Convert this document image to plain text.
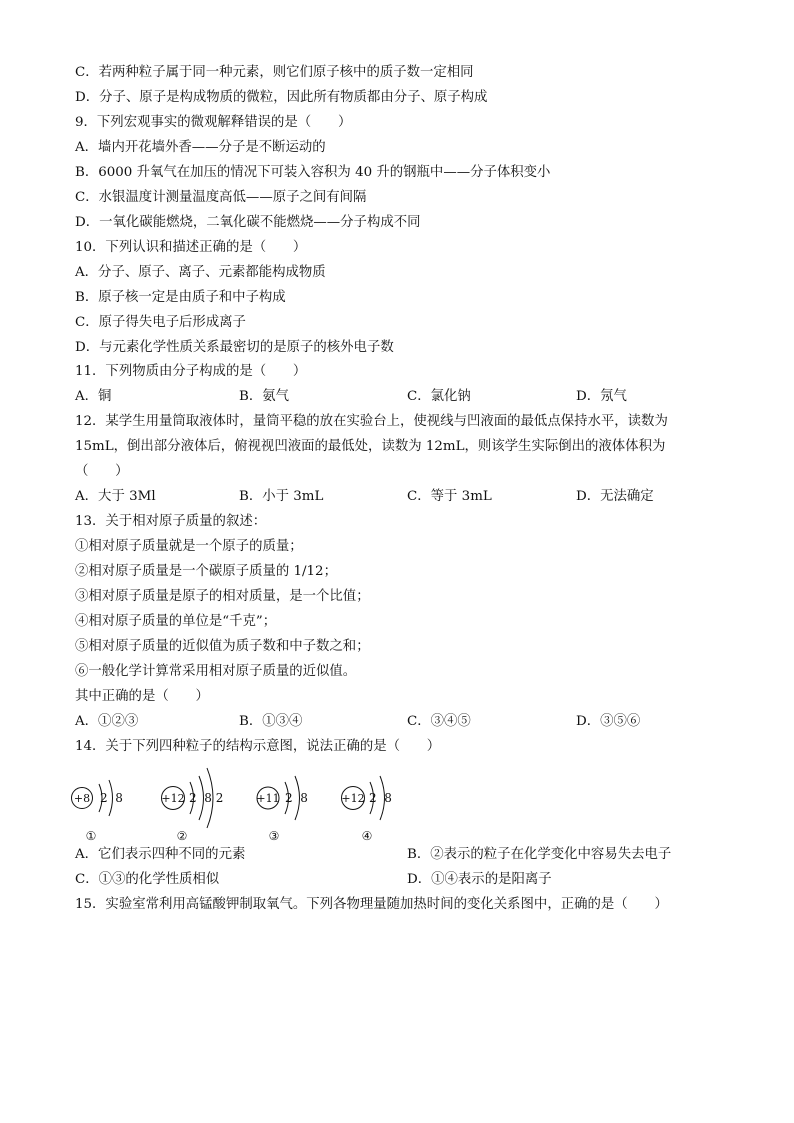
C．若两种粒子属于同一种元素，则它们原子核中的质子数一定相同
D．分子、原子是构成物质的微粒，因此所有物质都由分子、原子构成
9．下列宏观事实的微观解释错误的是（　　）
A．墙内开花墙外香——分子是不断运动的
B．6000 升氧气在加压的情况下可装入容积为 40 升的钢瓶中——分子体积变小
C．水银温度计测量温度高低——原子之间有间隔
D．一氧化碳能燃烧，二氧化碳不能燃烧——分子构成不同
10．下列认识和描述正确的是（　　）
A．分子、原子、离子、元素都能构成物质
B．原子核一定是由质子和中子构成
C．原子得失电子后形成离子
D．与元素化学性质关系最密切的是原子的核外电子数
11．下列物质由分子构成的是（　　）
A．铜	B．氨气	C．氯化钠	D．氖气
12．某学生用量筒取液体时，量筒平稳的放在实验台上，使视线与凹液面的最低点保持水平，读数为
15mL，倒出部分液体后，俯视视凹液面的最低处，读数为 12mL，则该学生实际倒出的液体体积为
（　　）
A．大于 3Ml	B．小于 3mL	C．等于 3mL	D．无法确定
13．关于相对原子质量的叙述：
①相对原子质量就是一个原子的质量；
②相对原子质量是一个碳原子质量的 1/12；
③相对原子质量是原子的相对质量，是一个比值；
④相对原子质量的单位是“千克”；
⑤相对原子质量的近似值为质子数和中子数之和；
⑥一般化学计算常采用相对原子质量的近似值。
其中正确的是（　　）
A．①②③	B．①③④	C．③④⑤	D．③⑤⑥
14．关于下列四种粒子的结构示意图，说法正确的是（　　）
+8 2  8
①
+12 2  8 2
②
+11 2  8
③
+12 2  8
④
A．它们表示四种不同的元素	B．②表示的粒子在化学变化中容易失去电子
C．①③的化学性质相似	D．①④表示的是阳离子
15．实验室常利用高锰酸钾制取氧气。下列各物理量随加热时间的变化关系图中，正确的是（　　）
